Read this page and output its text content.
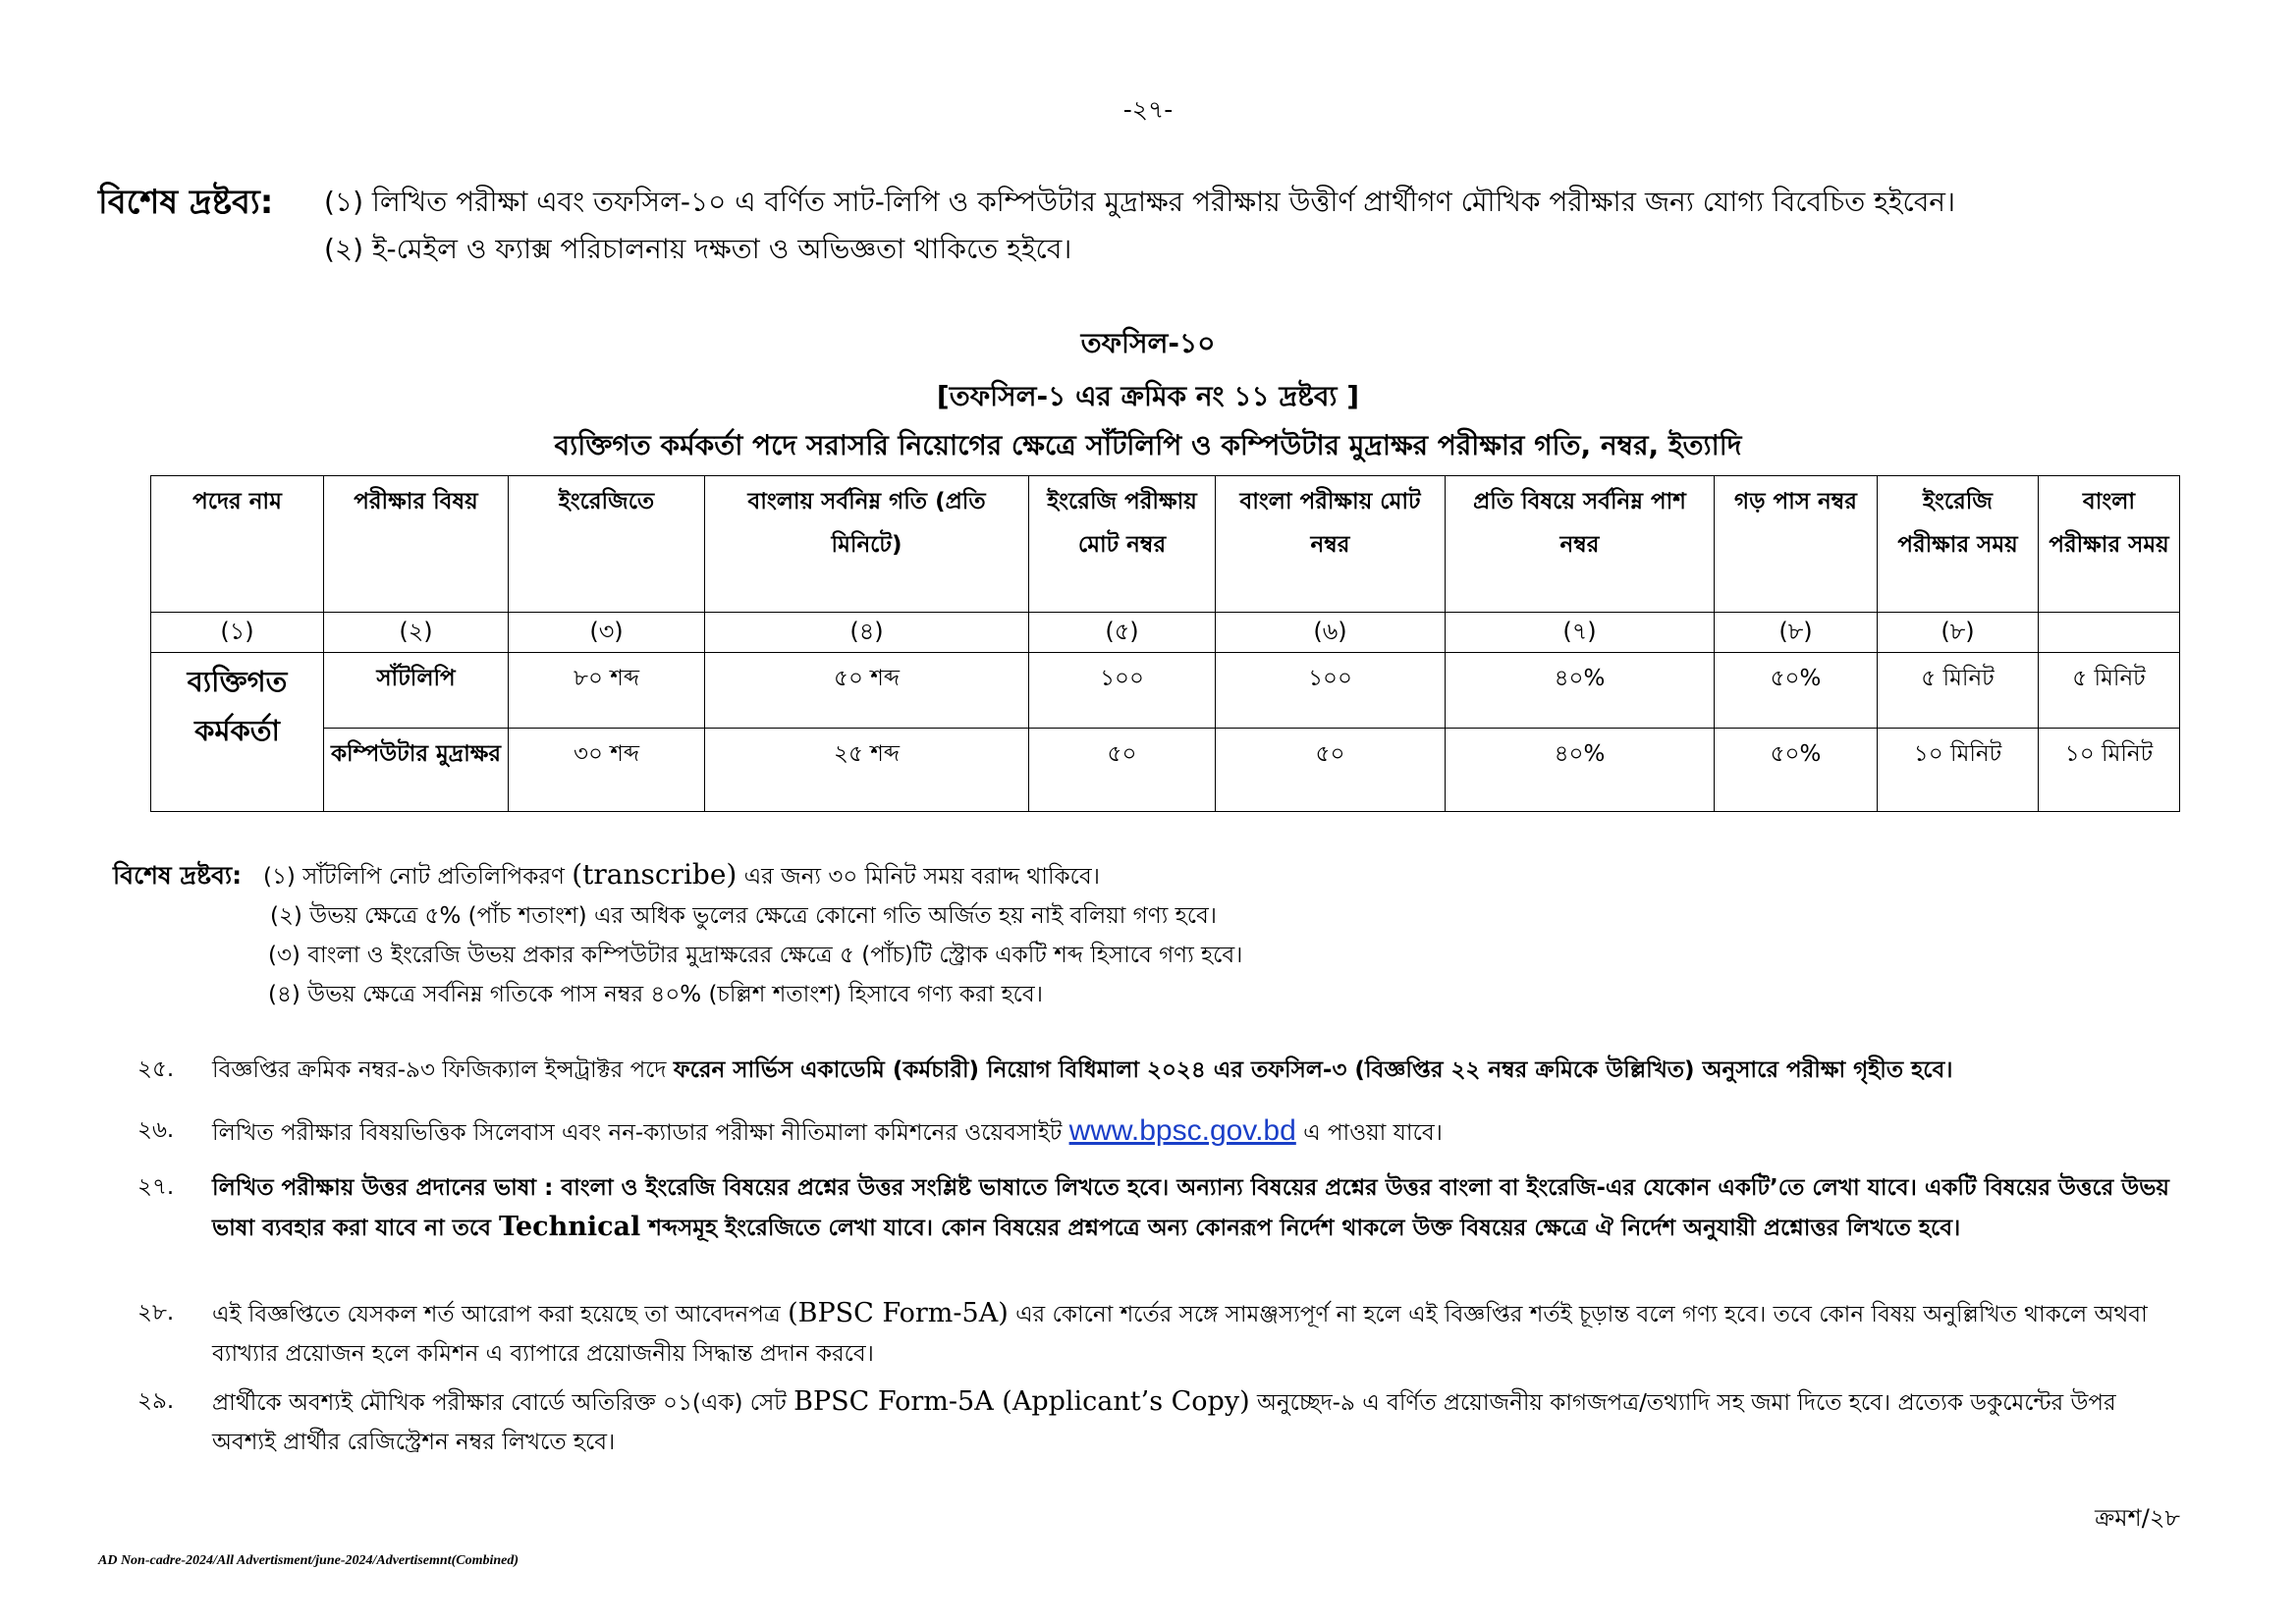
-২৭-
বিশেষ দ্রষ্টব্য: (১) লিখিত পরীক্ষা এবং তফসিল-১০ এ বর্ণিত সাট-লিপি ও কম্পিউটার মুদ্রাক্ষর পরীক্ষায় উত্তীর্ণ প্রার্থীগণ মৌখিক পরীক্ষার জন্য যোগ্য বিবেচিত হইবেন।
(২) ই-মেইল ও ফ্যাক্স পরিচালনায় দক্ষতা ও অভিজ্ঞতা থাকিতে হইবে।
তফসিল-১০
[তফসিল-১ এর ক্রমিক নং ১১ দ্রষ্টব্য ]
ব্যক্তিগত কর্মকর্তা পদে সরাসরি নিয়োগের ক্ষেত্রে সাঁটলিপি ও কম্পিউটার মুদ্রাক্ষর পরীক্ষার গতি, নম্বর, ইত্যাদি
পদের নাম	পরীক্ষার বিষয়	ইংরেজিতে	বাংলায় সর্বনিম্ন গতি (প্রতি মিনিটে)	ইংরেজি পরীক্ষায় মোট নম্বর	বাংলা পরীক্ষায় মোট নম্বর	প্রতি বিষয়ে সর্বনিম্ন পাশ নম্বর	গড় পাস নম্বর	ইংরেজি পরীক্ষার সময়	বাংলা পরীক্ষার সময়
(১)	(২)	(৩)	(৪)	(৫)	(৬)	(৭)	(৮)	(৮)	
ব্যক্তিগত কর্মকর্তা	সাঁটলিপি	৮০ শব্দ	৫০ শব্দ	১০০	১০০	৪০%	৫০%	৫ মিনিট	৫ মিনিট
	কম্পিউটার মুদ্রাক্ষর	৩০ শব্দ	২৫ শব্দ	৫০	৫০	৪০%	৫০%	১০ মিনিট	১০ মিনিট
বিশেষ দ্রষ্টব্য: (১) সাঁটলিপি নোট প্রতিলিপিকরণ (transcribe) এর জন্য ৩০ মিনিট সময় বরাদ্দ থাকিবে।
(২) উভয় ক্ষেত্রে ৫% (পাঁচ শতাংশ) এর অধিক ভুলের ক্ষেত্রে কোনো গতি অর্জিত হয় নাই বলিয়া গণ্য হবে।
(৩) বাংলা ও ইংরেজি উভয় প্রকার কম্পিউটার মুদ্রাক্ষরের ক্ষেত্রে ৫ (পাঁচ)টি স্ট্রোক একটি শব্দ হিসাবে গণ্য হবে।
(৪) উভয় ক্ষেত্রে সর্বনিম্ন গতিকে পাস নম্বর ৪০% (চল্লিশ শতাংশ) হিসাবে গণ্য করা হবে।
২৫.	বিজ্ঞপ্তির ক্রমিক নম্বর-৯৩ ফিজিক্যাল ইন্সট্রাক্টর পদে ফরেন সার্ভিস একাডেমি (কর্মচারী) নিয়োগ বিধিমালা ২০২৪ এর তফসিল-৩ (বিজ্ঞপ্তির ২২ নম্বর ক্রমিকে উল্লিখিত) অনুসারে পরীক্ষা গৃহীত হবে।
২৬.	লিখিত পরীক্ষার বিষয়ভিত্তিক সিলেবাস এবং নন-ক্যাডার পরীক্ষা নীতিমালা কমিশনের ওয়েবসাইট www.bpsc.gov.bd এ পাওয়া যাবে।
২৭.	লিখিত পরীক্ষায় উত্তর প্রদানের ভাষা : বাংলা ও ইংরেজি বিষয়ের প্রশ্নের উত্তর সংশ্লিষ্ট ভাষাতে লিখতে হবে। অন্যান্য বিষয়ের প্রশ্নের উত্তর বাংলা বা ইংরেজি-এর যেকোন একটি’তে লেখা যাবে। একটি বিষয়ের উত্তরে উভয় ভাষা ব্যবহার করা যাবে না তবে Technical শব্দসমূহ ইংরেজিতে লেখা যাবে। কোন বিষয়ের প্রশ্নপত্রে অন্য কোনরূপ নির্দেশ থাকলে উক্ত বিষয়ের ক্ষেত্রে ঐ নির্দেশ অনুযায়ী প্রশ্নোত্তর লিখতে হবে।
২৮.	এই বিজ্ঞপ্তিতে যেসকল শর্ত আরোপ করা হয়েছে তা আবেদনপত্র (BPSC Form-5A) এর কোনো শর্তের সঙ্গে সামঞ্জস্যপূর্ণ না হলে এই বিজ্ঞপ্তির শর্তই চূড়ান্ত বলে গণ্য হবে। তবে কোন বিষয় অনুল্লিখিত থাকলে অথবা ব্যাখ্যার প্রয়োজন হলে কমিশন এ ব্যাপারে প্রয়োজনীয় সিদ্ধান্ত প্রদান করবে।
২৯.	প্রার্থীকে অবশ্যই মৌখিক পরীক্ষার বোর্ডে অতিরিক্ত ০১(এক) সেট BPSC Form-5A (Applicant’s Copy) অনুচ্ছেদ-৯ এ বর্ণিত প্রয়োজনীয় কাগজপত্র/তথ্যাদি সহ জমা দিতে হবে। প্রত্যেক ডকুমেন্টের উপর অবশ্যই প্রার্থীর রেজিস্ট্রেশন নম্বর লিখতে হবে।
ক্রমশ/২৮
AD Non-cadre-2024/All Advertisment/june-2024/Advertisemnt(Combined)
